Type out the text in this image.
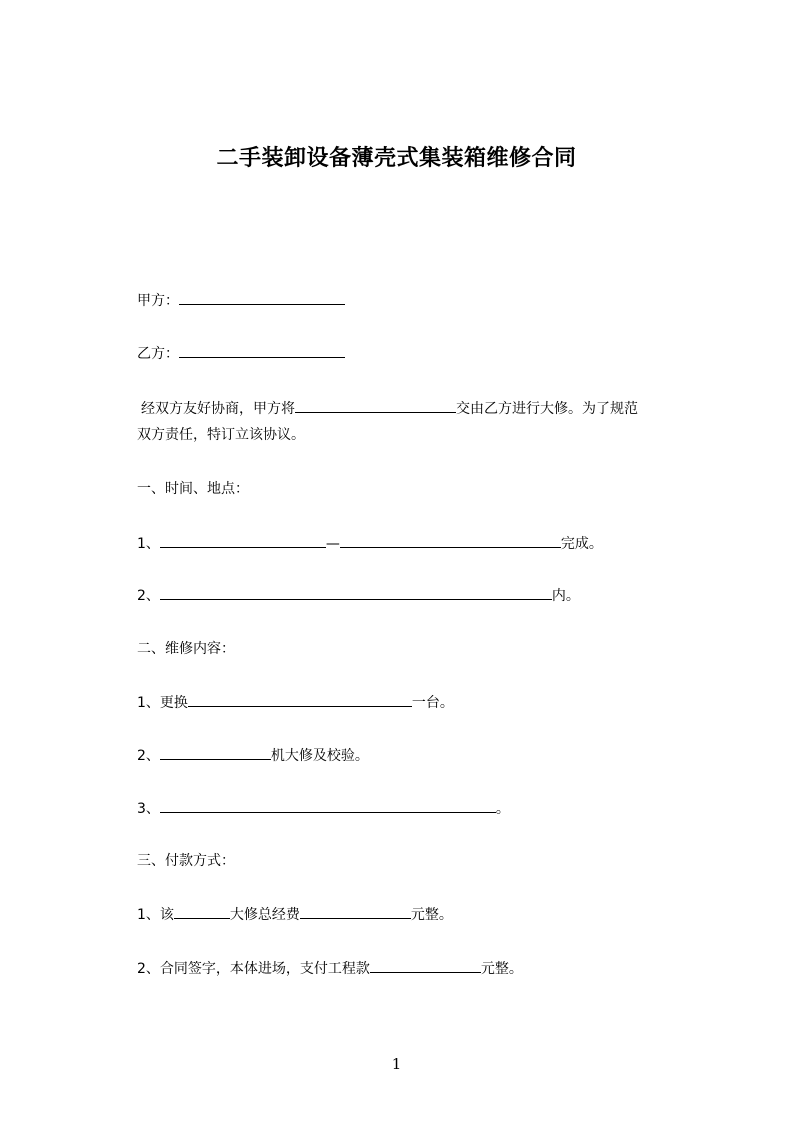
二手装卸设备薄壳式集装箱维修合同
甲方：
乙方：
经双方友好协商，甲方将	交由乙方进行大修。为了规范
双方责任，特订立该协议。
一、时间、地点：
1、	—	完成。
2、	内。
二、维修内容：
1、更换	一台。
2、	机大修及校验。
3、	。
三、付款方式：
1、该	大修总经费	元整。
2、合同签字，本体进场，支付工程款	元整。
1
